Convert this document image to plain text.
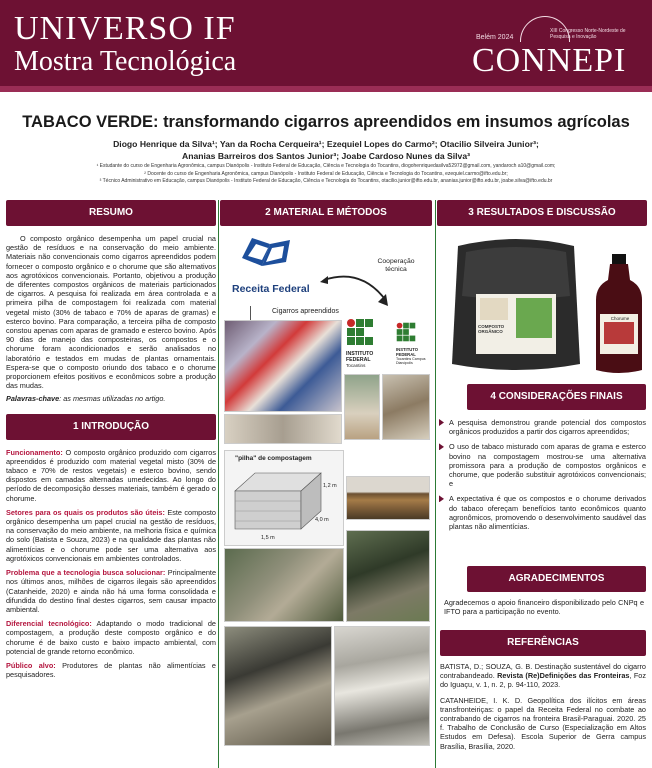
UNIVERSO IF
Mostra Tecnológica
XIII Congresso Norte-Nordeste de Pesquisa e Inovação
Belém 2024
CONNEPI
TABACO VERDE: transformando cigarros apreendidos em insumos agrícolas
Diogo Henrique da Silva¹; Yan da Rocha Cerqueira¹; Ezequiel Lopes do Carmo²; Otacilio Silveira Junior³;
Ananias Barreiros dos Santos Junior³; Joabe Cardoso Nunes da Silva³
¹ Estudante do curso de Engenharia Agronômica, campus Dianópolis - Instituto Federal de Educação, Ciência e Tecnologia do Tocantins, diogohenriquedasilva52972@gmail.com, yandaroch a10@gmail.com;
² Docente do curso de Engenharia Agronômica, campus Dianópolis - Instituto Federal de Educação, Ciência e Tecnologia do Tocantins, ezequiel.carmo@ifto.edu.br;
³ Técnico Administrativo em Educação, campus Dianópolis - Instituto Federal de Educação, Ciência e Tecnologia do Tocantins, otacilio.junior@ifto.edu.br, ananias.junior@ifto.edu.br, joabe.silva@ifto.edu.br
RESUMO
O composto orgânico desempenha um papel crucial na gestão de resíduos e na conservação do meio ambiente. Materiais não convencionais como cigarros apreendidos podem fornecer o composto orgânico e o chorume que são alternativos aos agrotóxicos convencionais. Portanto, objetivou a produção de diferentes compostos orgânicos de materiais particionados de cigarros. A pesquisa foi realizada em área controlada e a primeira pilha de compostagem foi realizada com material vegetal misto (30% de tabaco e 70% de aparas de gramas) e esterco bovino. Para comparação, a terceira pilha de composto constou apenas com aparas de gramado e esterco bovino. Após 90 dias de manejo das composteiras, os compostos e o chorume foram acondicionados e serão analisados no laboratório e testados em mudas de plantas ornamentais. Espera-se que o composto oriundo dos tabaco e o chorume proporcionem efeitos positivos e econômicos sobre a produção das mudas.
Palavras-chave: as mesmas utilizadas no artigo.
1 INTRODUÇÃO

Funcionamento: O composto orgânico produzido com cigarros apreendidos é produzido com material vegetal misto (30% de tabaco e 70% de restos vegetais) e esterco bovino, sendo dispostos em camadas alternadas umedecidas. Ao longo do período de decomposição desses materiais, também é gerado o chorume.

Setores para os quais os produtos são úteis: Este composto orgânico desempenha um papel crucial na gestão de resíduos, na conservação do meio ambiente, na melhoria física e química do solo (Batista e Souza, 2023) e na qualidade das plantas não alimentícias e o chorume pode ser uma alternativa aos agrotóxicos convencionais em ambientes controlados.

Problema que a tecnologia busca solucionar: Principalmente nos últimos anos, milhões de cigarros ilegais são apreendidos (Catanheide, 2020) e ainda não há uma forma consolidada e difundida do destino final destes cigarros, sem causar impacto ambiental.

Diferencial tecnológico: Adaptando o modo tradicional de compostagem, a produção deste composto orgânico e do chorume é de baixo custo e baixo impacto ambiental, com potencial de grande retorno econômico.

Público alvo: Produtores de plantas não alimentícias e pesquisadores.

2 MATERIAL E MÉTODOS
Receita Federal
Cooperação técnica
Cigarros apreendidos
INSTITUTO FEDERAL
Tocantins
INSTITUTO FEDERAL
Tocantins Campus Dianópolis
"pilha" de compostagem
1,2 m
4,0 m
1,5 m
3 RESULTADOS E DISCUSSÃO
COMPOSTO ORGÂNICO
Chorume
4 CONSIDERAÇÕES FINAIS
A pesquisa demonstrou grande potencial dos compostos orgânicos produzidos a partir dos cigarros apreendidos;
O uso de tabaco misturado com aparas de grama e esterco bovino na compostagem mostrou-se uma alternativa promissora para a produção de compostos orgânicos e chorume, que poderão substituir agrotóxicos convencionais; e
A expectativa é que os compostos e o chorume derivados do tabaco ofereçam benefícios tanto econômicos quanto agronômicos, promovendo o desenvolvimento saudável das plantas não alimentícias.
AGRADECIMENTOS
Agradecemos o apoio financeiro disponibilizado pelo CNPq e IFTO para a participação no evento.
REFERÊNCIAS

BATISTA, D.; SOUZA, G. B. Destinação sustentável do cigarro contrabandeado. Revista (Re)Definições das Fronteiras, Foz do Iguaçu, v. 1, n. 2, p. 94-110, 2023.

CATANHEIDE, I. K. D. Geopolítica dos ilícitos em áreas transfronteiriças: o papel da Receita Federal no combate ao contrabando de cigarros na fronteira Brasil-Paraguai. 2020. 25 f. Trabalho de Conclusão de Curso (Especialização em Altos Estudos em Defesa). Escola Superior de Gerra campus Brasília, Brasília, 2020.
